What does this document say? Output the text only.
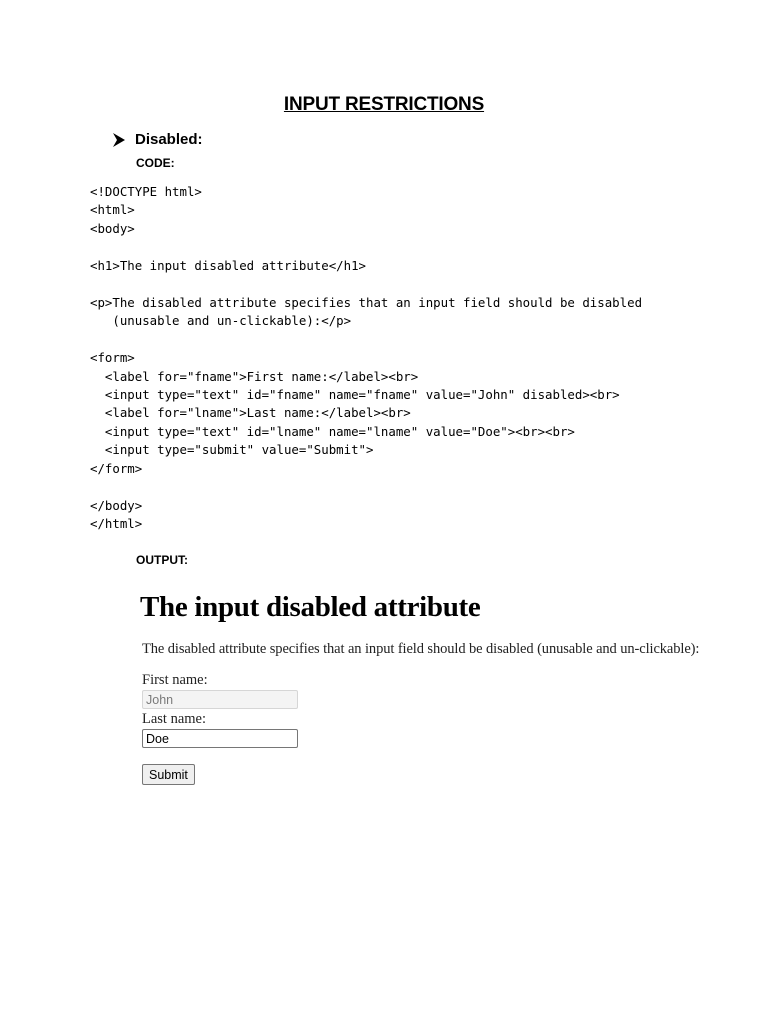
INPUT RESTRICTIONS
Disabled:
CODE:
<!DOCTYPE html>
<html>
<body>

<h1>The input disabled attribute</h1>

<p>The disabled attribute specifies that an input field should be disabled
(unusable and un-clickable):</p>

<form>
<label for="fname">First name:</label><br>
<input type="text" id="fname" name="fname" value="John" disabled><br>
<label for="lname">Last name:</label><br>
<input type="text" id="lname" name="lname" value="Doe"><br><br>
<input type="submit" value="Submit">
</form>

</body>
</html>

OUTPUT:
The input disabled attribute

The disabled attribute specifies that an input field should be disabled (unusable and un-clickable):

First name:
John
Last name:
Doe
Submit
